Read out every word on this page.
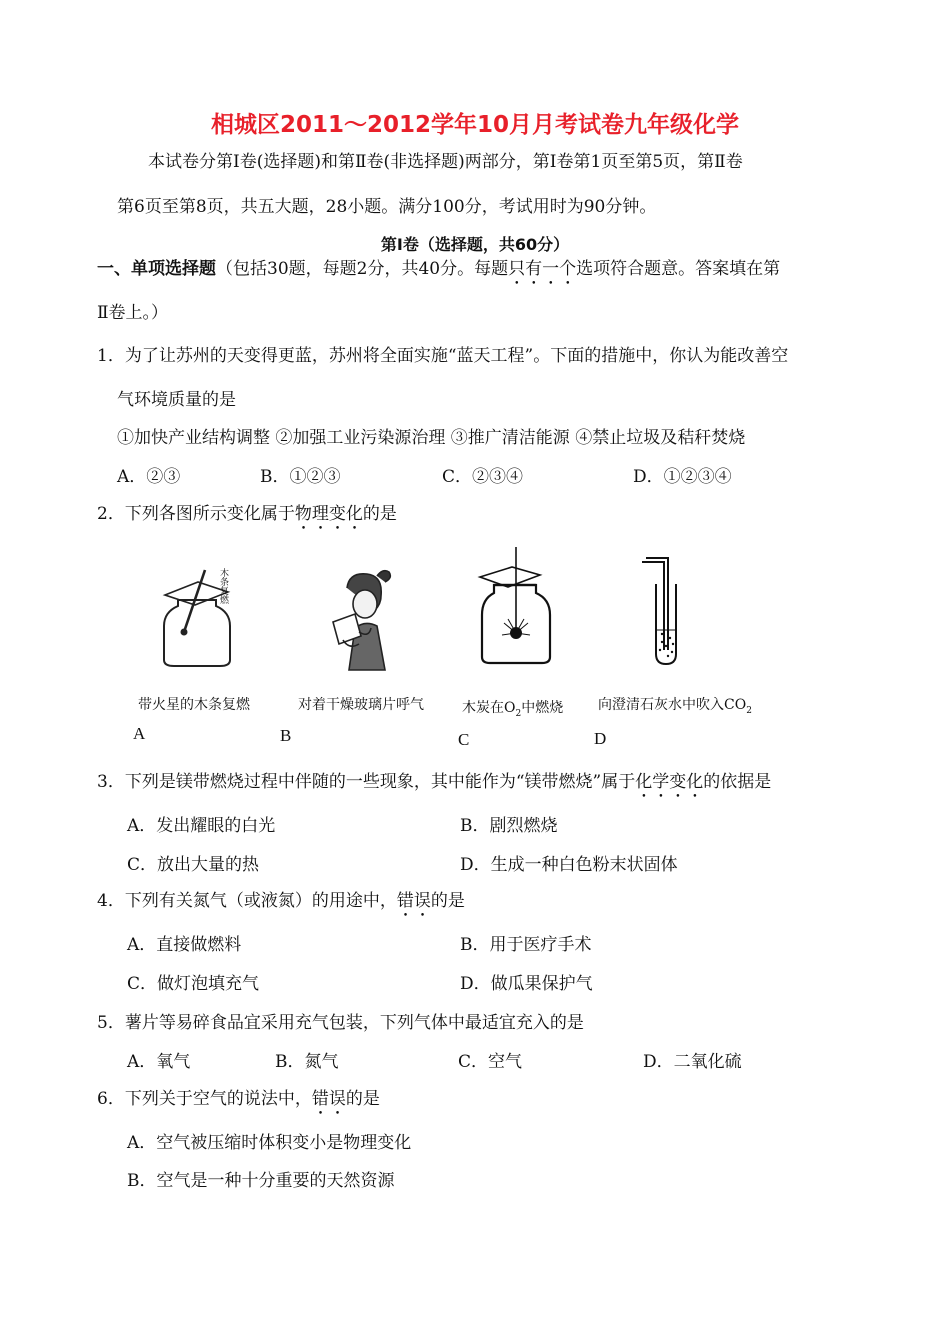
相城区2011～2012学年10月月考试卷九年级化学
本试卷分第Ⅰ卷(选择题)和第Ⅱ卷(非选择题)两部分，第Ⅰ卷第1页至第5页，第Ⅱ卷
第6页至第8页，共五大题，28小题。满分100分，考试用时为90分钟。
第Ⅰ卷（选择题，共60分）
一、单项选择题（包括30题，每题2分，共40分。每题只有一个选项符合题意。答案填在第
Ⅱ卷上。）
1．为了让苏州的天变得更蓝，苏州将全面实施“蓝天工程”。下面的措施中，你认为能改善空
气环境质量的是
①加快产业结构调整 ②加强工业污染源治理 ③推广清洁能源 ④禁止垃圾及秸秆焚烧
A．②③	B．①②③	C．②③④	D．①②③④
2．下列各图所示变化属于物理变化的是
木条复燃
带火星的木条复燃	对着干燥玻璃片呼气	木炭在$O_2$中燃烧 向澄清石灰水中吹入$CO_2$
A	B	C	D
3．下列是镁带燃烧过程中伴随的一些现象，其中能作为“镁带燃烧”属于化学变化的依据是
A．发出耀眼的白光	B．剧烈燃烧
C．放出大量的热	D．生成一种白色粉末状固体
4．下列有关氮气（或液氮）的用途中，错误的是
A．直接做燃料	B．用于医疗手术
C．做灯泡填充气	D．做瓜果保护气
5．薯片等易碎食品宜采用充气包装，下列气体中最适宜充入的是
A．氧气	B．氮气	C．空气	D．二氧化硫
6．下列关于空气的说法中，错误的是
A．空气被压缩时体积变小是物理变化
B．空气是一种十分重要的天然资源
